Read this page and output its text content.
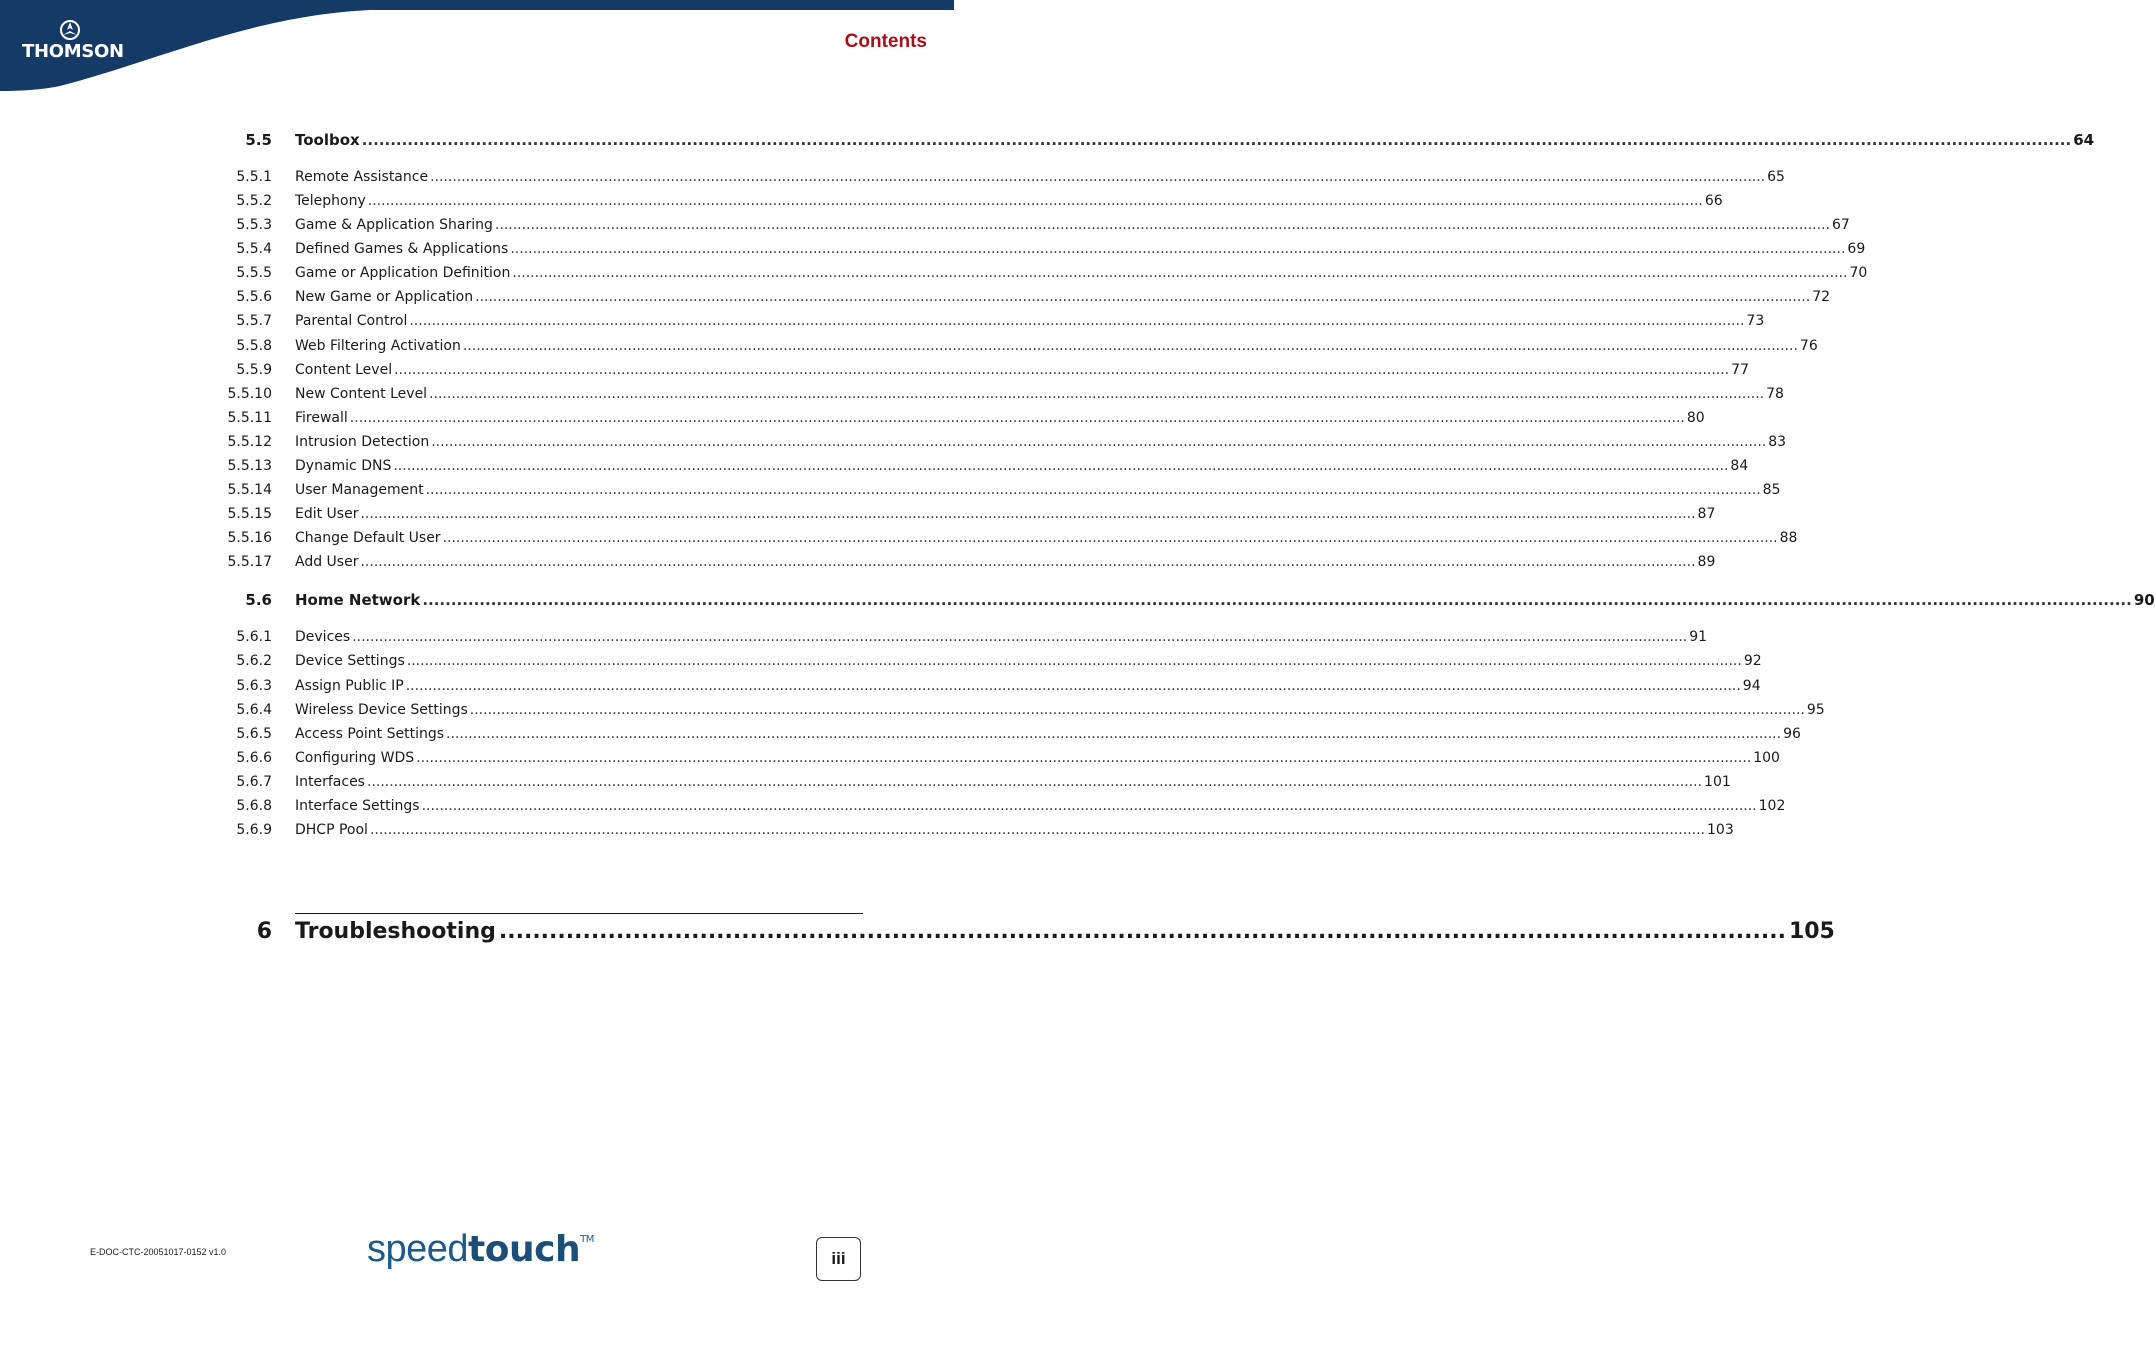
THOMSON	Contents
5.5 Toolbox ............................................................................................................................................................................................................................................................................................................ 64
5.5.1 Remote Assistance ............................................................................................................................................................................................................................................................................................................ 65
5.5.2 Telephony ............................................................................................................................................................................................................................................................................................................ 66
5.5.3 Game & Application Sharing ............................................................................................................................................................................................................................................................................................................ 67
5.5.4 Defined Games & Applications ............................................................................................................................................................................................................................................................................................................ 69
5.5.5 Game or Application Definition ............................................................................................................................................................................................................................................................................................................ 70
5.5.6 New Game or Application ............................................................................................................................................................................................................................................................................................................ 72
5.5.7 Parental Control ............................................................................................................................................................................................................................................................................................................ 73
5.5.8 Web Filtering Activation ............................................................................................................................................................................................................................................................................................................ 76
5.5.9 Content Level ............................................................................................................................................................................................................................................................................................................ 77
5.5.10 New Content Level ............................................................................................................................................................................................................................................................................................................ 78
5.5.11 Firewall ............................................................................................................................................................................................................................................................................................................ 80
5.5.12 Intrusion Detection ............................................................................................................................................................................................................................................................................................................ 83
5.5.13 Dynamic DNS ............................................................................................................................................................................................................................................................................................................ 84
5.5.14 User Management ............................................................................................................................................................................................................................................................................................................ 85
5.5.15 Edit User ............................................................................................................................................................................................................................................................................................................ 87
5.5.16 Change Default User ............................................................................................................................................................................................................................................................................................................ 88
5.5.17 Add User ............................................................................................................................................................................................................................................................................................................ 89
5.6 Home Network ............................................................................................................................................................................................................................................................................................................ 90
5.6.1 Devices ............................................................................................................................................................................................................................................................................................................ 91
5.6.2 Device Settings ............................................................................................................................................................................................................................................................................................................ 92
5.6.3 Assign Public IP ............................................................................................................................................................................................................................................................................................................ 94
5.6.4 Wireless Device Settings ............................................................................................................................................................................................................................................................................................................ 95
5.6.5 Access Point Settings ............................................................................................................................................................................................................................................................................................................ 96
5.6.6 Configuring WDS ............................................................................................................................................................................................................................................................................................................ 100
5.6.7 Interfaces ............................................................................................................................................................................................................................................................................................................ 101
5.6.8 Interface Settings ............................................................................................................................................................................................................................................................................................................ 102
5.6.9 DHCP Pool ............................................................................................................................................................................................................................................................................................................ 103
6 Troubleshooting .......................................................................................................................................................... 105
E-DOC-CTC-20051017-0152 v1.0	speedtouch™
iii
